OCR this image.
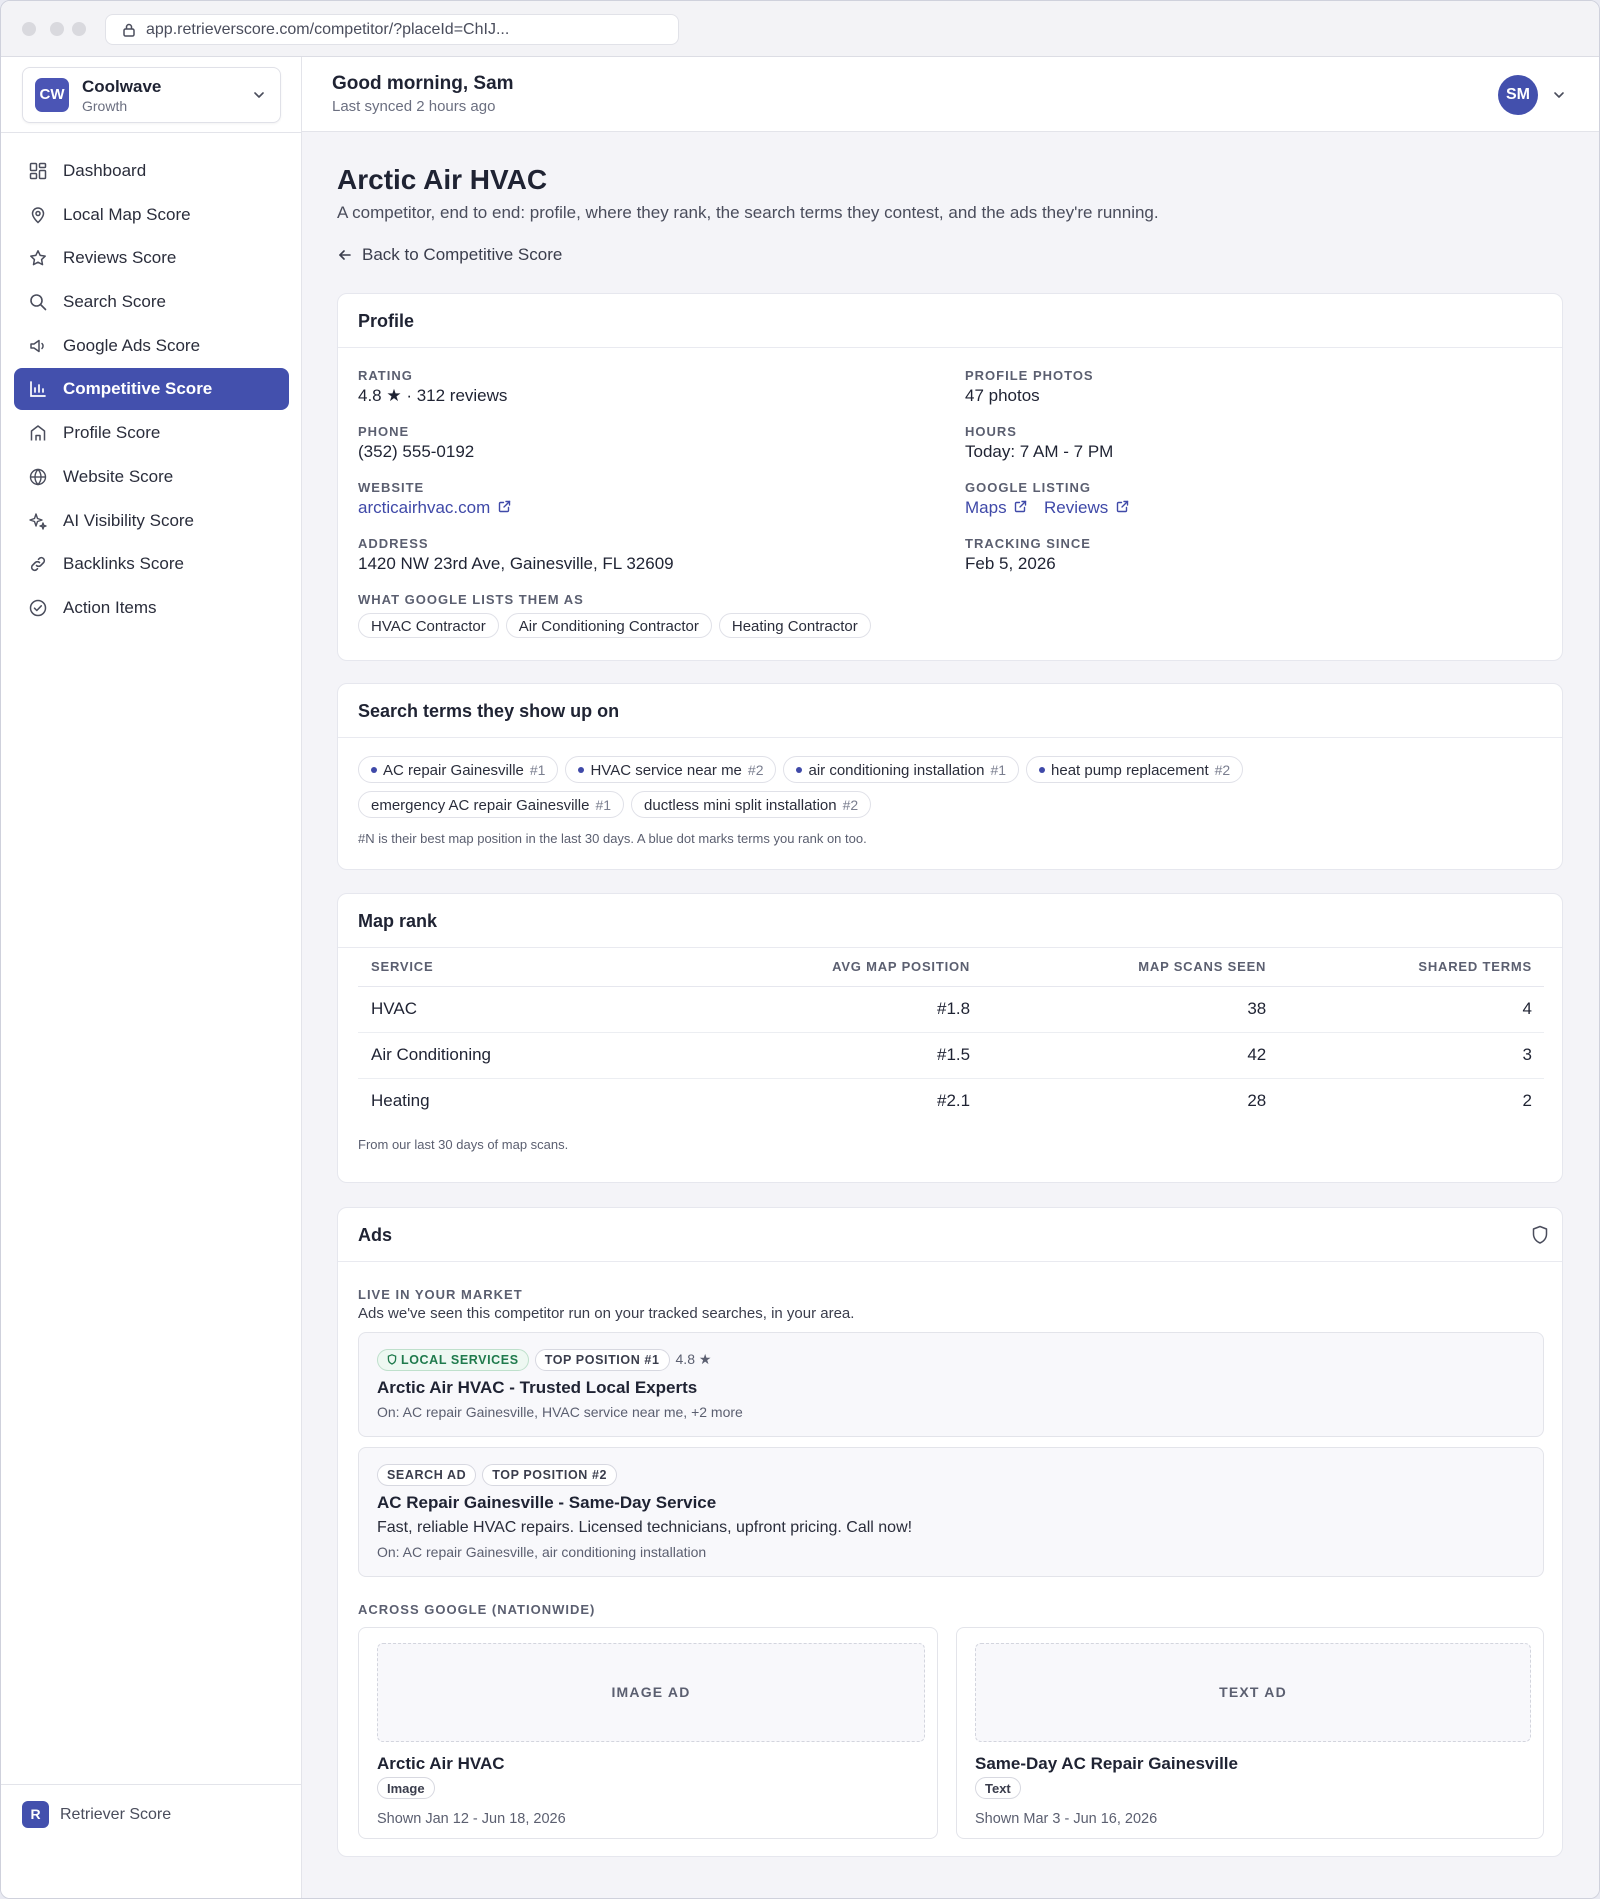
app.retrieverscore.com/competitor/?placeId=ChIJ...
CW Coolwave
Growth
Dashboard
Local Map Score
Reviews Score
Search Score
Google Ads Score
Competitive Score
Profile Score
Website Score
AI Visibility Score
Backlinks Score
Action Items
R	Retriever Score
Good morning, Sam
Last synced 2 hours ago
SM
Arctic Air HVAC
A competitor, end to end: profile, where they rank, the search terms they contest, and the ads they're running.
Back to Competitive Score
Profile
RATING
4.8 ★ · 312 reviews
PHONE
(352) 555-0192
WEBSITE
arcticairhvac.com
ADDRESS
1420 NW 23rd Ave, Gainesville, FL 32609
WHAT GOOGLE LISTS THEM AS
HVAC Contractor Air Conditioning Contractor Heating Contractor
PROFILE PHOTOS
47 photos
HOURS
Today: 7 AM - 7 PM
GOOGLE LISTING
Maps	Reviews
TRACKING SINCE
Feb 5, 2026
Search terms they show up on
AC repair Gainesville #1	HVAC service near me #2	air conditioning installation #1	heat pump replacement #2
emergency AC repair Gainesville #1 ductless mini split installation #2
#N is their best map position in the last 30 days. A blue dot marks terms you rank on too.
Map rank
SERVICE	AVG MAP POSITION	MAP SCANS SEEN	SHARED TERMS
HVAC	#1.8	38	4
Air Conditioning	#1.5	42	3
Heating	#2.1	28	2
From our last 30 days of map scans.
Ads
LIVE IN YOUR MARKET
Ads we've seen this competitor run on your tracked searches, in your area.
LOCAL SERVICES TOP POSITION #1 4.8 ★
Arctic Air HVAC - Trusted Local Experts
On: AC repair Gainesville, HVAC service near me, +2 more
SEARCH AD TOP POSITION #2
AC Repair Gainesville - Same-Day Service
Fast, reliable HVAC repairs. Licensed technicians, upfront pricing. Call now!
On: AC repair Gainesville, air conditioning installation
ACROSS GOOGLE (NATIONWIDE)
IMAGE AD
Arctic Air HVAC
Image
Shown Jan 12 - Jun 18, 2026
TEXT AD
Same-Day AC Repair Gainesville
Text
Shown Mar 3 - Jun 16, 2026
